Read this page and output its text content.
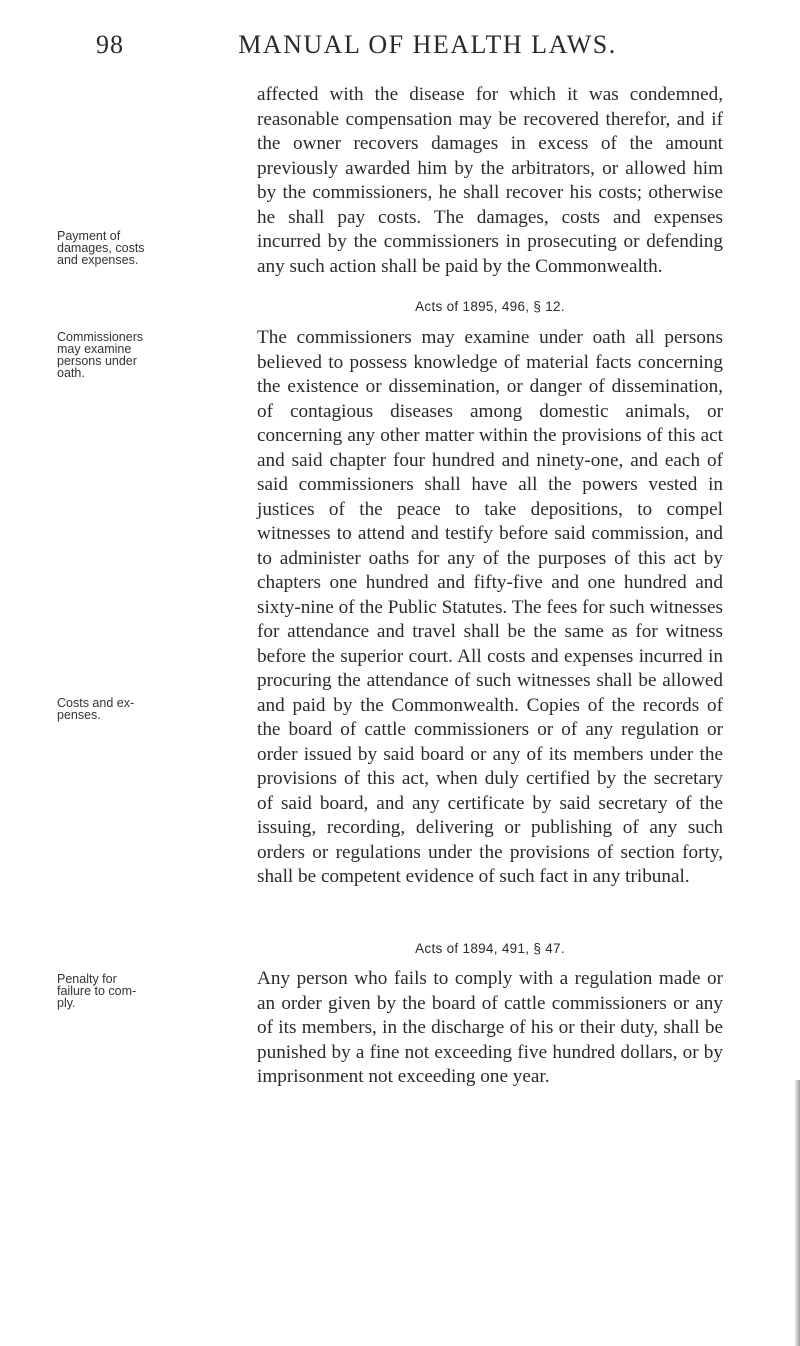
98	MANUAL OF HEALTH LAWS.

affected with the disease for which it was condemned, reasonable compensation may be recovered therefor, and if the owner recovers damages in excess of the amount previously awarded him by the arbitrators, or allowed him by the commissioners, he shall recover his costs; otherwise he shall pay costs. The damages, costs and expenses incurred by the commissioners in prosecuting or defending any such action shall be paid by the Commonwealth.

Acts of 1895, 496, § 12.

The commissioners may examine under oath all persons believed to possess knowledge of material facts concerning the existence or dissemination, or danger of dissemination, of contagious diseases among domestic animals, or concerning any other matter within the provisions of this act and said chapter four hundred and ninety-one, and each of said commissioners shall have all the powers vested in justices of the peace to take depositions, to compel witnesses to attend and testify before said commission, and to administer oaths for any of the purposes of this act by chapters one hundred and fifty-five and one hundred and sixty-nine of the Public Statutes. The fees for such witnesses for attendance and travel shall be the same as for witness before the superior court. All costs and expenses incurred in procuring the attendance of such witnesses shall be allowed and paid by the Commonwealth. Copies of the records of the board of cattle commissioners or of any regulation or order issued by said board or any of its members under the provisions of this act, when duly certified by the secretary of said board, and any certificate by said secretary of the issuing, recording, delivering or publishing of any such orders or regulations under the provisions of section forty, shall be competent evidence of such fact in any tribunal.

Acts of 1894, 491, § 47.

Any person who fails to comply with a regulation made or an order given by the board of cattle commissioners or any of its members, in the discharge of his or their duty, shall be punished by a fine not exceeding five hundred dollars, or by imprisonment not exceeding one year.

Payment of
damages, costs
and expenses.
Commissioners
may examine
persons under
oath.
Costs and ex-
penses.
Penalty for
failure to com-
ply.
